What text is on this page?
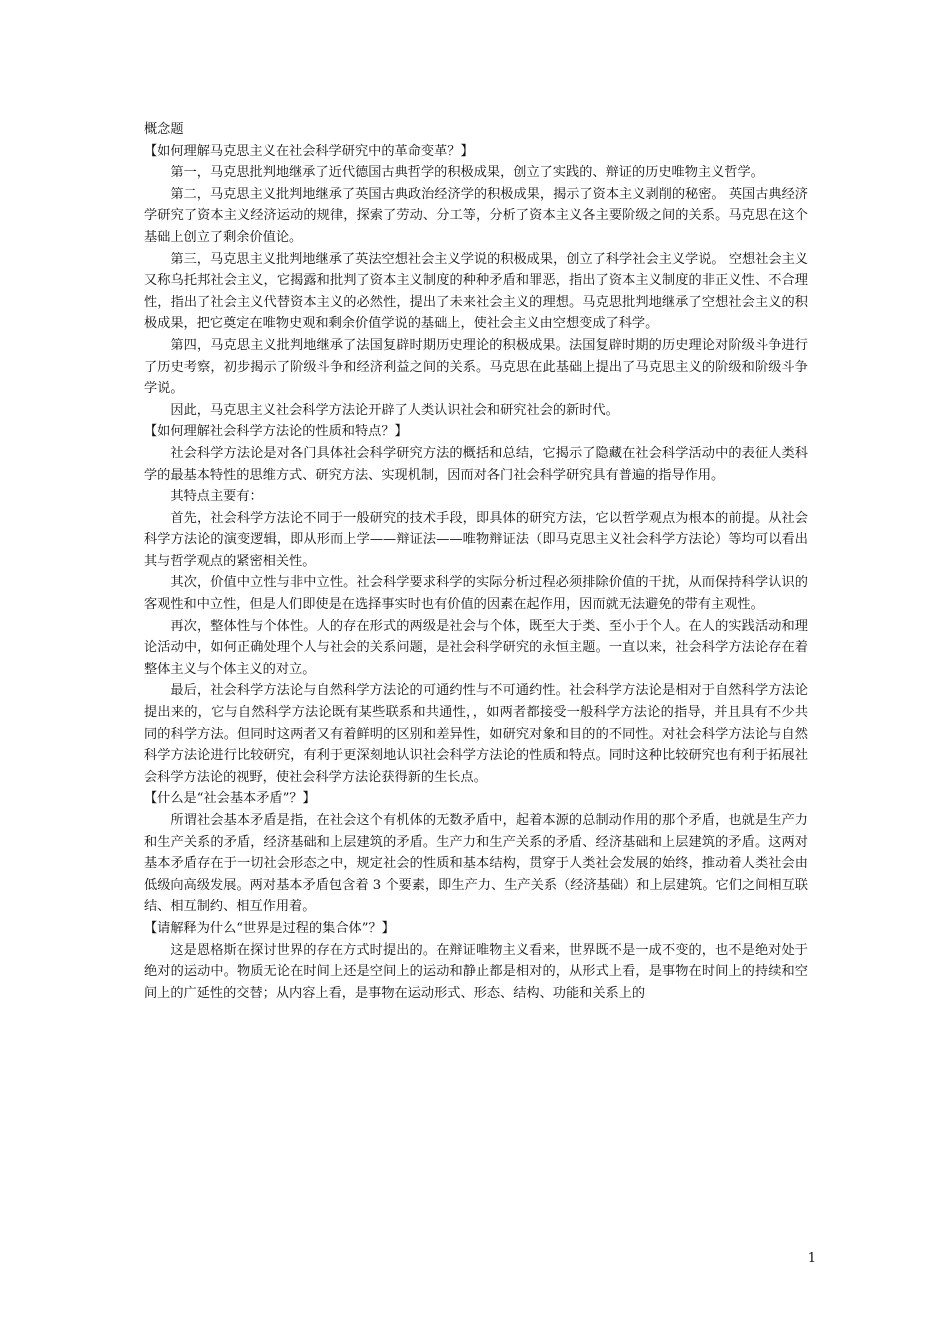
概念题

【如何理解马克思主义在社会科学研究中的革命变革？】

第一，马克思批判地继承了近代德国古典哲学的积极成果，创立了实践的、辩证的历史唯物主义哲学。

第二，马克思主义批判地继承了英国古典政治经济学的积极成果，揭示了资本主义剥削的秘密。 英国古典经济学研究了资本主义经济运动的规律，探索了劳动、分工等，分析了资本主义各主要阶级之间的关系。马克思在这个基础上创立了剩余价值论。

第三，马克思主义批判地继承了英法空想社会主义学说的积极成果，创立了科学社会主义学说。 空想社会主义又称乌托邦社会主义，它揭露和批判了资本主义制度的种种矛盾和罪恶，指出了资本主义制度的非正义性、不合理性，指出了社会主义代替资本主义的必然性，提出了未来社会主义的理想。马克思批判地继承了空想社会主义的积极成果，把它奠定在唯物史观和剩余价值学说的基础上，使社会主义由空想变成了科学。

第四，马克思主义批判地继承了法国复辟时期历史理论的积极成果。法国复辟时期的历史理论对阶级斗争进行了历史考察，初步揭示了阶级斗争和经济利益之间的关系。马克思在此基础上提出了马克思主义的阶级和阶级斗争学说。

因此，马克思主义社会科学方法论开辟了人类认识社会和研究社会的新时代。

【如何理解社会科学方法论的性质和特点？】

社会科学方法论是对各门具体社会科学研究方法的概括和总结，它揭示了隐藏在社会科学活动中的表征人类科学的最基本特性的思维方式、研究方法、实现机制，因而对各门社会科学研究具有普遍的指导作用。

其特点主要有：

首先，社会科学方法论不同于一般研究的技术手段，即具体的研究方法，它以哲学观点为根本的前提。从社会科学方法论的演变逻辑，即从形而上学——辩证法——唯物辩证法（即马克思主义社会科学方法论）等均可以看出其与哲学观点的紧密相关性。

其次，价值中立性与非中立性。社会科学要求科学的实际分析过程必须排除价值的干扰，从而保持科学认识的客观性和中立性，但是人们即使是在选择事实时也有价值的因素在起作用，因而就无法避免的带有主观性。

再次，整体性与个体性。人的存在形式的两级是社会与个体，既至大于类、至小于个人。在人的实践活动和理论活动中，如何正确处理个人与社会的关系问题，是社会科学研究的永恒主题。一直以来，社会科学方法论存在着整体主义与个体主义的对立。

最后，社会科学方法论与自然科学方法论的可通约性与不可通约性。社会科学方法论是相对于自然科学方法论提出来的，它与自然科学方法论既有某些联系和共通性，，如两者都接受一般科学方法论的指导，并且具有不少共同的科学方法。但同时这两者又有着鲜明的区别和差异性，如研究对象和目的的不同性。对社会科学方法论与自然科学方法论进行比较研究，有利于更深刻地认识社会科学方法论的性质和特点。同时这种比较研究也有利于拓展社会科学方法论的视野，使社会科学方法论获得新的生长点。

【什么是“社会基本矛盾”？】

所谓社会基本矛盾是指，在社会这个有机体的无数矛盾中，起着本源的总制动作用的那个矛盾，也就是生产力和生产关系的矛盾，经济基础和上层建筑的矛盾。生产力和生产关系的矛盾、经济基础和上层建筑的矛盾。这两对基本矛盾存在于一切社会形态之中，规定社会的性质和基本结构，贯穿于人类社会发展的始终，推动着人类社会由低级向高级发展。两对基本矛盾包含着 3 个要素，即生产力、生产关系（经济基础）和上层建筑。它们之间相互联结、相互制约、相互作用着。

【请解释为什么“世界是过程的集合体”？】

这是恩格斯在探讨世界的存在方式时提出的。在辩证唯物主义看来，世界既不是一成不变的，也不是绝对处于绝对的运动中。物质无论在时间上还是空间上的运动和静止都是相对的，从形式上看，是事物在时间上的持续和空间上的广延性的交替；从内容上看，是事物在运动形式、形态、结构、功能和关系上的

1
